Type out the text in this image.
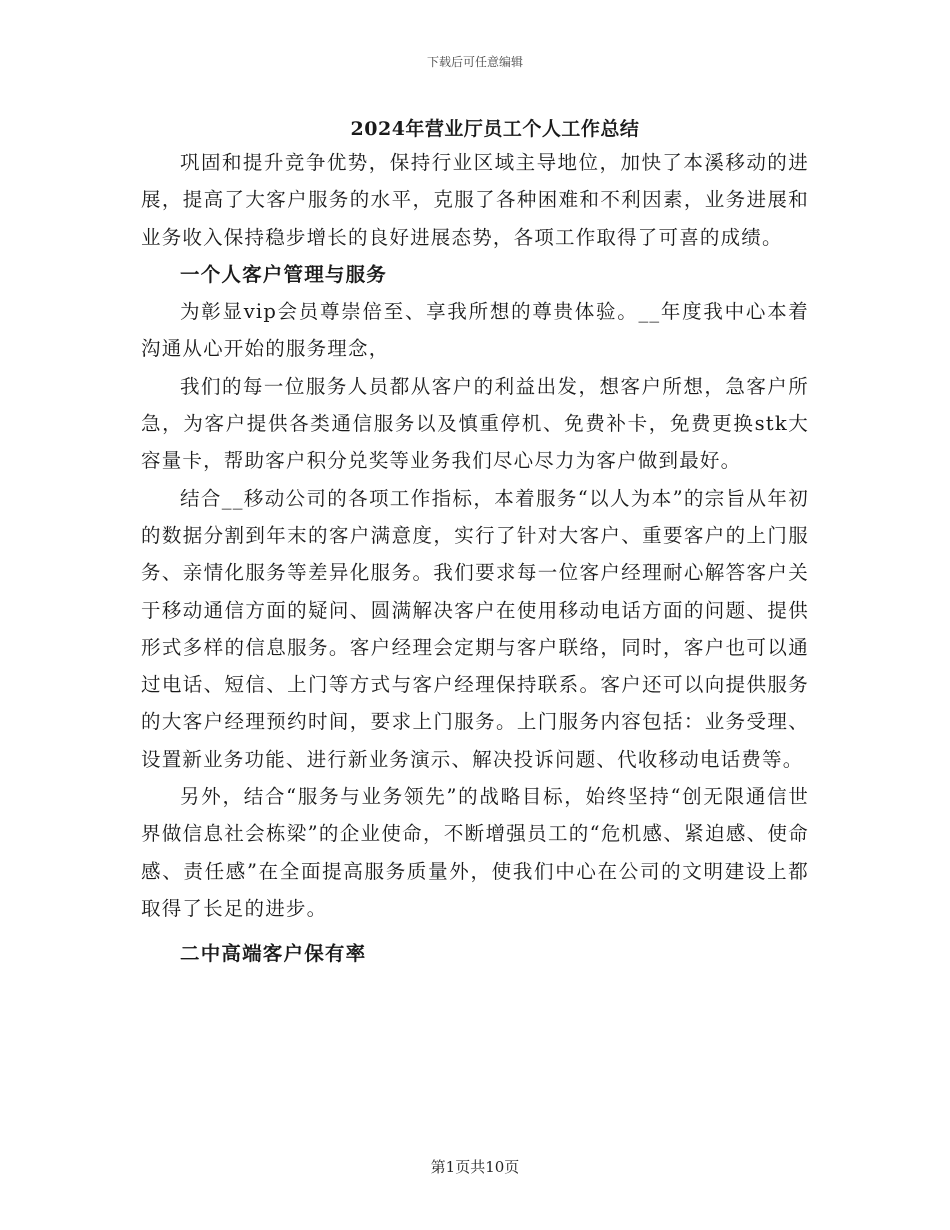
下载后可任意编辑
2024年营业厅员工个人工作总结

巩固和提升竞争优势，保持行业区域主导地位，加快了本溪移动的进展，提高了大客户服务的水平，克服了各种困难和不利因素，业务进展和业务收入保持稳步增长的良好进展态势，各项工作取得了可喜的成绩。

一个人客户管理与服务

为彰显vip会员尊崇倍至、享我所想的尊贵体验。__年度我中心本着沟通从心开始的服务理念，

我们的每一位服务人员都从客户的利益出发，想客户所想，急客户所急，为客户提供各类通信服务以及慎重停机、免费补卡，免费更换stk大容量卡，帮助客户积分兑奖等业务我们尽心尽力为客户做到最好。

结合__移动公司的各项工作指标，本着服务“以人为本”的宗旨从年初的数据分割到年末的客户满意度，实行了针对大客户、重要客户的上门服务、亲情化服务等差异化服务。我们要求每一位客户经理耐心解答客户关于移动通信方面的疑问、圆满解决客户在使用移动电话方面的问题、提供形式多样的信息服务。客户经理会定期与客户联络，同时，客户也可以通过电话、短信、上门等方式与客户经理保持联系。客户还可以向提供服务的大客户经理预约时间，要求上门服务。上门服务内容包括：业务受理、设置新业务功能、进行新业务演示、解决投诉问题、代收移动电话费等。

另外，结合“服务与业务领先”的战略目标，始终坚持“创无限通信世界做信息社会栋梁”的企业使命，不断增强员工的“危机感、紧迫感、使命感、责任感”在全面提高服务质量外，使我们中心在公司的文明建设上都取得了长足的进步。

二中高端客户保有率

第1页共10页
